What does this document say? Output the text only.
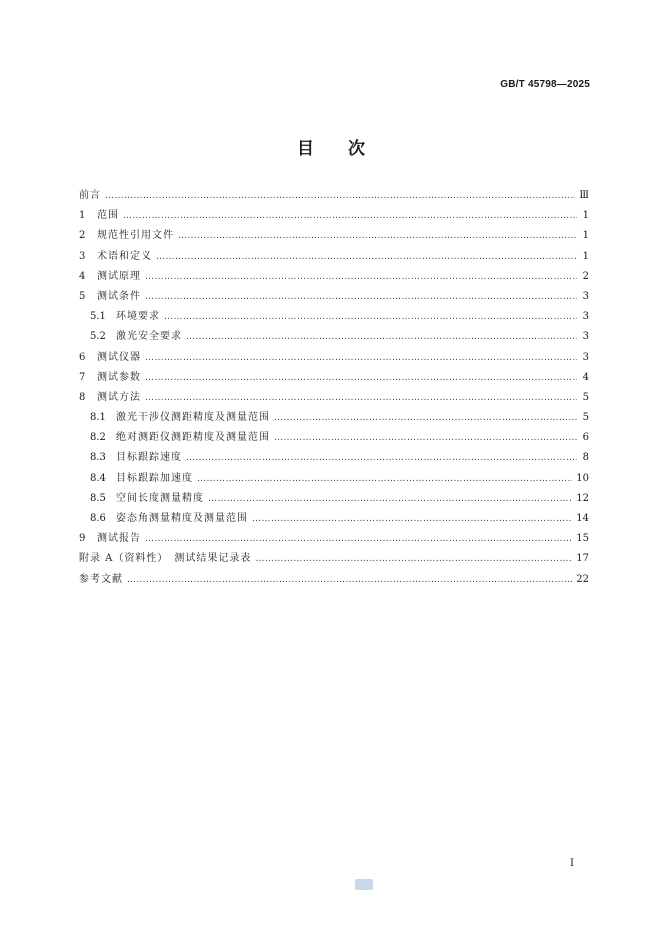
GB/T 45798—2025
目　　次
前言 …………………………………………………………………………………………………………………………………………………………………………………………………………	Ⅲ
1	范围 …………………………………………………………………………………………………………………………………………………………………………………………………………	1
2	规范性引用文件 …………………………………………………………………………………………………………………………………………………………………………………………………………	1
3	术语和定义 …………………………………………………………………………………………………………………………………………………………………………………………………………	1
4	测试原理 …………………………………………………………………………………………………………………………………………………………………………………………………………	2
5	测试条件 …………………………………………………………………………………………………………………………………………………………………………………………………………	3
5.1	环境要求 …………………………………………………………………………………………………………………………………………………………………………………………………………	3
5.2	激光安全要求 …………………………………………………………………………………………………………………………………………………………………………………………………………	3
6	测试仪器 …………………………………………………………………………………………………………………………………………………………………………………………………………	3
7	测试参数 …………………………………………………………………………………………………………………………………………………………………………………………………………	4
8	测试方法 …………………………………………………………………………………………………………………………………………………………………………………………………………	5
8.1	激光干涉仪测距精度及测量范围 …………………………………………………………………………………………………………………………………………………………………………………………………………	5
8.2	绝对测距仪测距精度及测量范围 …………………………………………………………………………………………………………………………………………………………………………………………………………	6
8.3	目标跟踪速度 …………………………………………………………………………………………………………………………………………………………………………………………………………	8
8.4	目标跟踪加速度 …………………………………………………………………………………………………………………………………………………………………………………………………………	10
8.5	空间长度测量精度 …………………………………………………………………………………………………………………………………………………………………………………………………………	12
8.6	姿态角测量精度及测量范围 …………………………………………………………………………………………………………………………………………………………………………………………………………	14
9	测试报告 …………………………………………………………………………………………………………………………………………………………………………………………………………	15
附录 A（资料性）　测试结果记录表 …………………………………………………………………………………………………………………………………………………………………………………………………………	17
参考文献 …………………………………………………………………………………………………………………………………………………………………………………………………………	22
I
